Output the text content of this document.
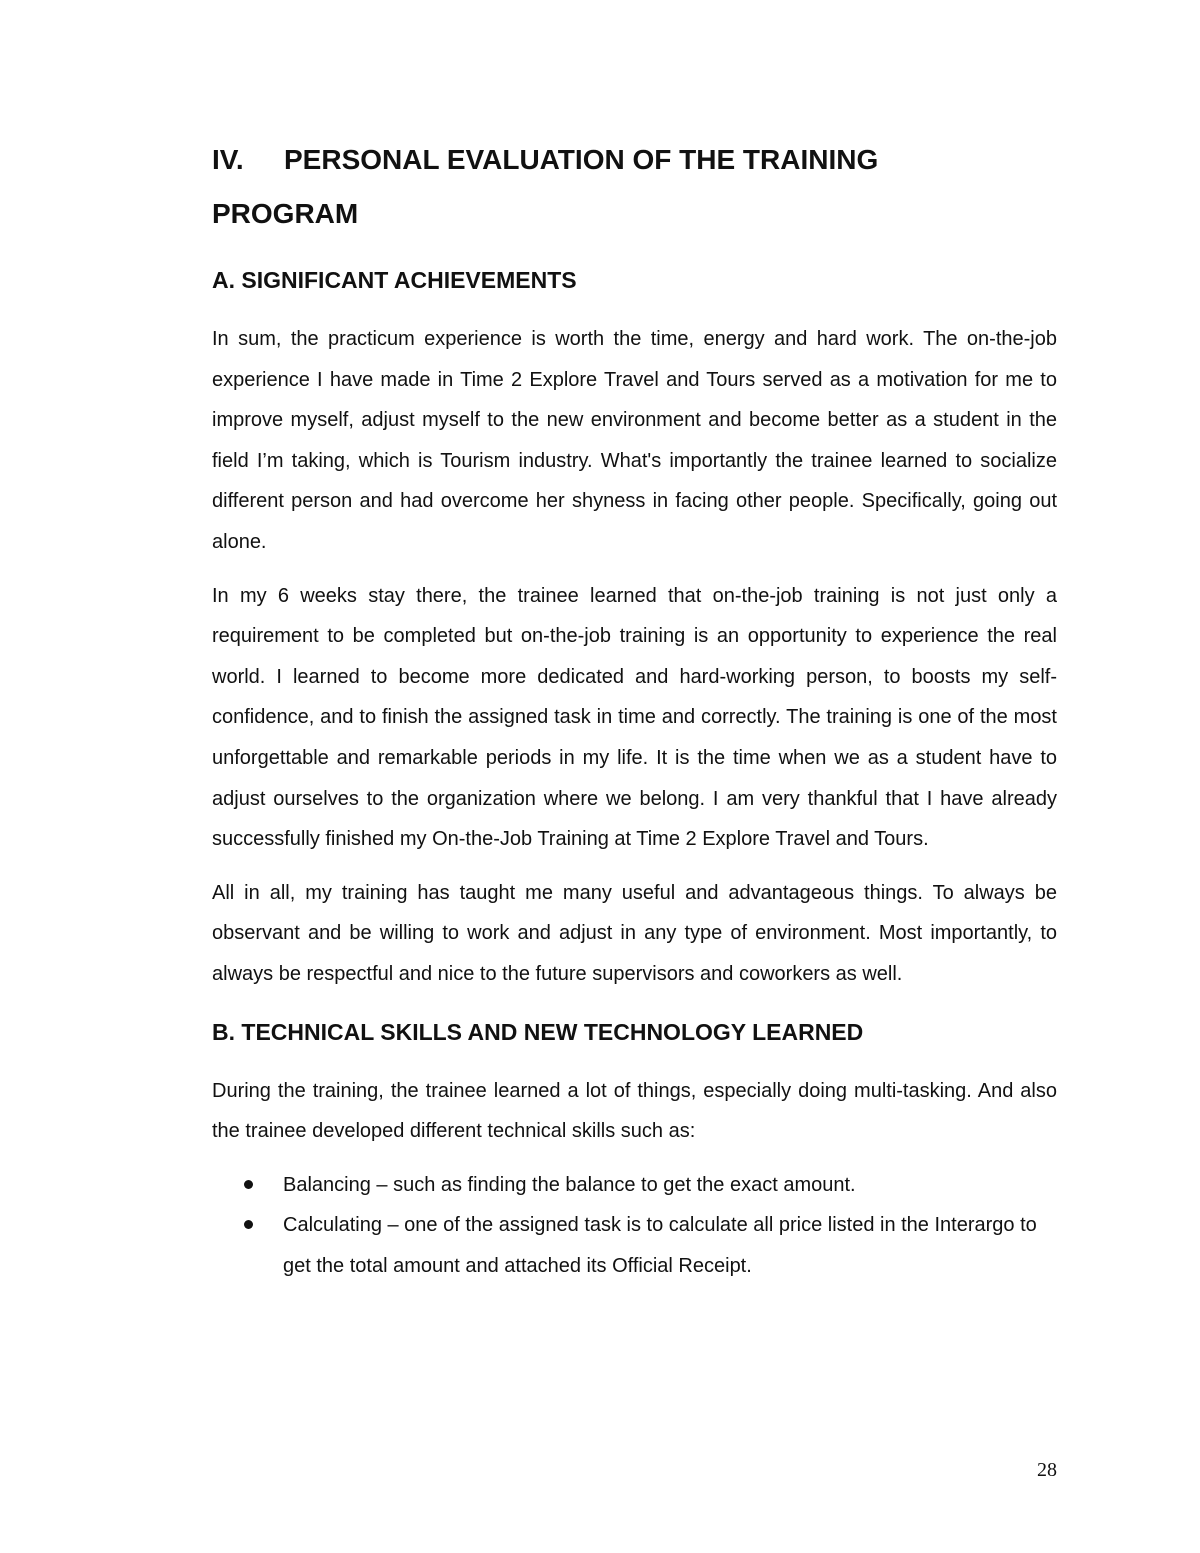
IV.	PERSONAL EVALUATION OF THE TRAINING
PROGRAM
A. SIGNIFICANT ACHIEVEMENTS

In sum, the practicum experience is worth the time, energy and hard work. The on-the-job experience I have made in Time 2 Explore Travel and Tours served as a motivation for me to improve myself, adjust myself to the new environment and become better as a student in the field I’m taking, which is Tourism industry. What's importantly the trainee learned to socialize different person and had overcome her shyness in facing other people. Specifically, going out alone.

In my 6 weeks stay there, the trainee learned that on-the-job training is not just only a requirement to be completed but on-the-job training is an opportunity to experience the real world. I learned to become more dedicated and hard-working person, to boosts my self-confidence, and to finish the assigned task in time and correctly. The training is one of the most unforgettable and remarkable periods in my life. It is the time when we as a student have to adjust ourselves to the organization where we belong. I am very thankful that I have already successfully finished my On-the-Job Training at Time 2 Explore Travel and Tours.

All in all, my training has taught me many useful and advantageous things. To always be observant and be willing to work and adjust in any type of environment. Most importantly, to always be respectful and nice to the future supervisors and coworkers as well.

B. TECHNICAL SKILLS AND NEW TECHNOLOGY LEARNED

During the training, the trainee learned a lot of things, especially doing multi-tasking. And also the trainee developed different technical skills such as:

Balancing – such as finding the balance to get the exact amount.
Calculating – one of the assigned task is to calculate all price listed in the Interargo to get the total amount and attached its Official Receipt.
28
